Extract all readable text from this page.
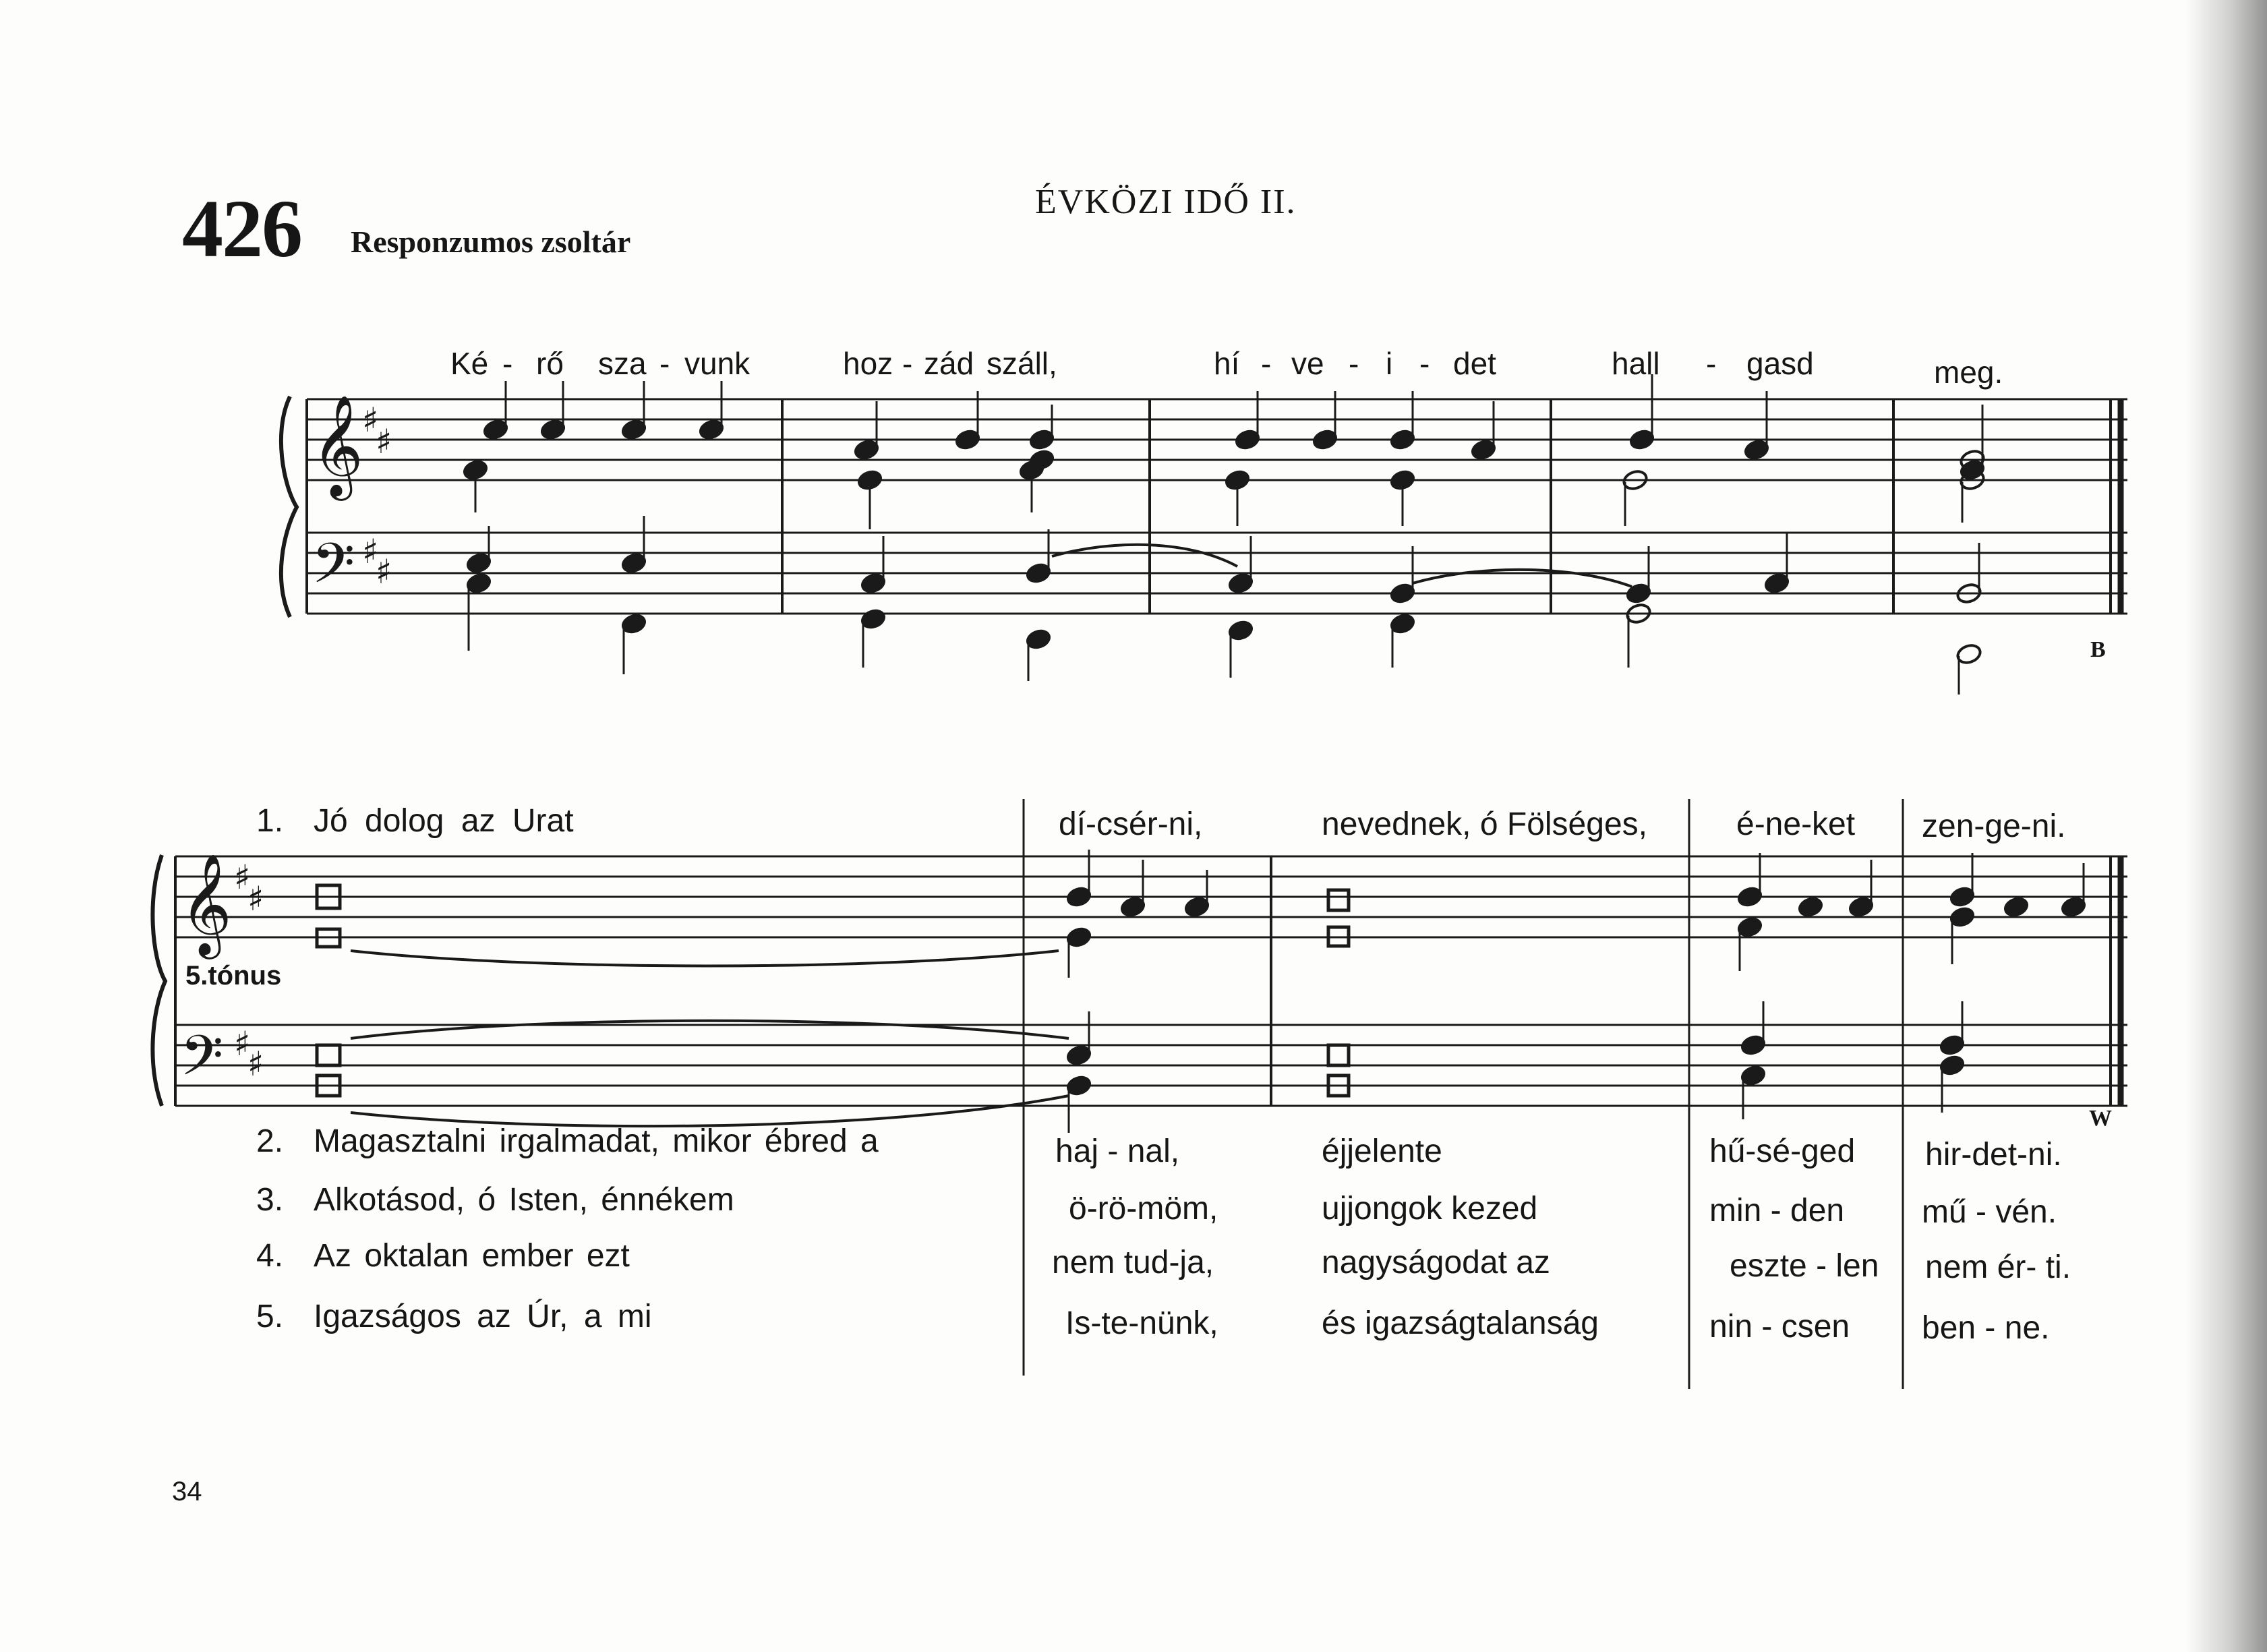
426 Responzumos zsoltár
ÉVKÖZI IDŐ II.
Ké - rő sza - vunk	hoz - zád száll,	hí - ve - i - det	hall - gasd	meg.
𝄞
𝄢
♯
♯
♯
♯
𝄞
𝄢
♯
♯
♯
♯
B
W
5.tónus
1. Jó dolog az Urat	dí-csér-ni,	nevednek, ó Fölséges,	é-ne-ket zen-ge-ni.
2. Magasztalni irgalmadat, mikor ébred a	haj - nal,	éjjelente	hű-sé-ged hir-det-ni.
3. Alkotásod, ó Isten, énnékem	ö-rö-möm,	ujjongok kezed	min - den mű - vén.
4. Az oktalan ember ezt	nem tud-ja,	nagyságodat az	eszte - len nem ér- ti.
5. Igazságos az Úr, a mi	Is-te-nünk,	és igazságtalanság	nin - csen ben - ne.
34
